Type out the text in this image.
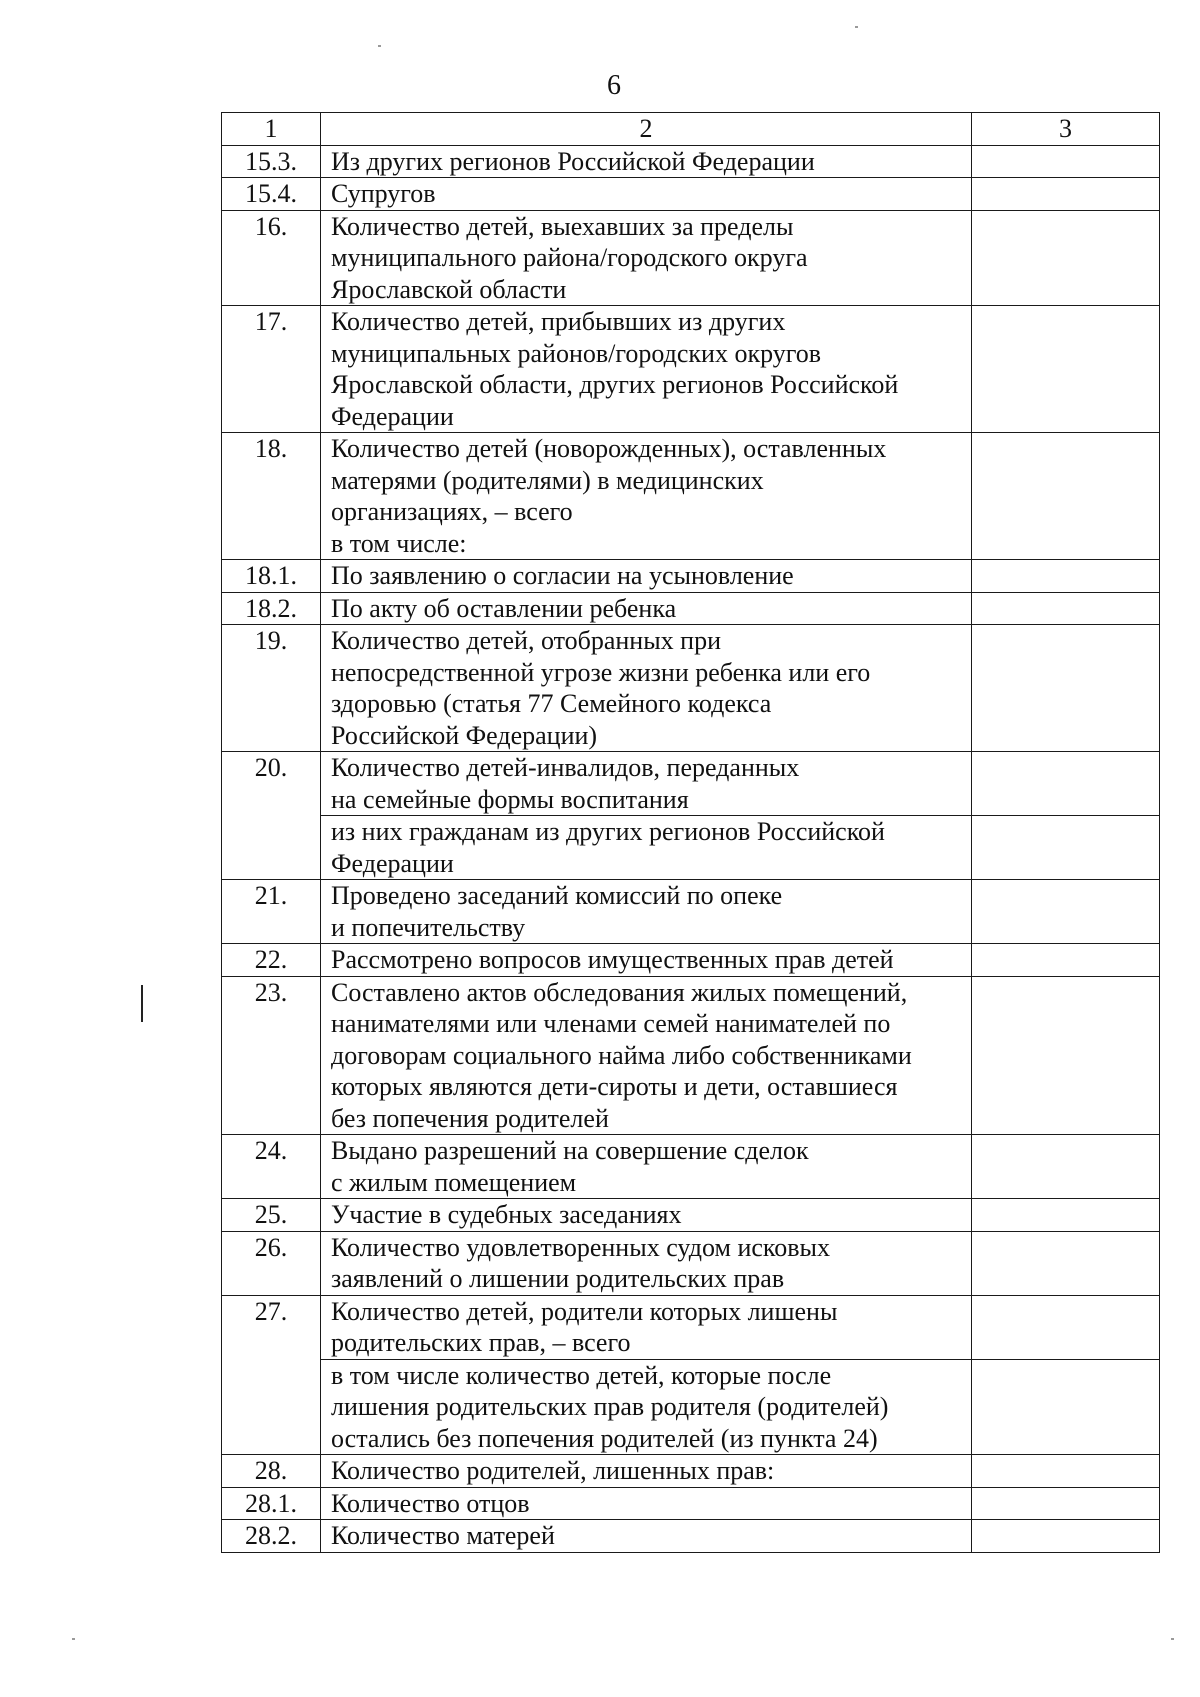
6
1	2	3
15.3.	Из других регионов Российской Федерации	
15.4.	Супругов	
16.	Количество детей, выехавших за пределы
муниципального района/городского округа
Ярославской области	
17.	Количество детей, прибывших из других
муниципальных районов/городских округов
Ярославской области, других регионов Российской
Федерации	
18.	Количество детей (новорожденных), оставленных
матерями (родителями) в медицинских
организациях, – всего
в том числе:	
18.1.	По заявлению о согласии на усыновление	
18.2.	По акту об оставлении ребенка	
19.	Количество детей, отобранных при
непосредственной угрозе жизни ребенка или его
здоровью (статья 77 Семейного кодекса
Российской Федерации)	
20.	Количество детей-инвалидов, переданных
на семейные формы воспитания	
	из них гражданам из других регионов Российской
Федерации	
21.	Проведено заседаний комиссий по опеке
и попечительству	
22.	Рассмотрено вопросов имущественных прав детей	
23.	Составлено актов обследования жилых помещений,
нанимателями или членами семей нанимателей по
договорам социального найма либо собственниками
которых являются дети-сироты и дети, оставшиеся
без попечения родителей	
24.	Выдано разрешений на совершение сделок
с жилым помещением	
25.	Участие в судебных заседаниях	
26.	Количество удовлетворенных судом исковых
заявлений о лишении родительских прав	
27.	Количество детей, родители которых лишены
родительских прав, – всего	
	в том числе количество детей, которые после
лишения родительских прав родителя (родителей)
остались без попечения родителей (из пункта 24)	
28.	Количество родителей, лишенных прав:	
28.1.	Количество отцов	
28.2.	Количество матерей	
